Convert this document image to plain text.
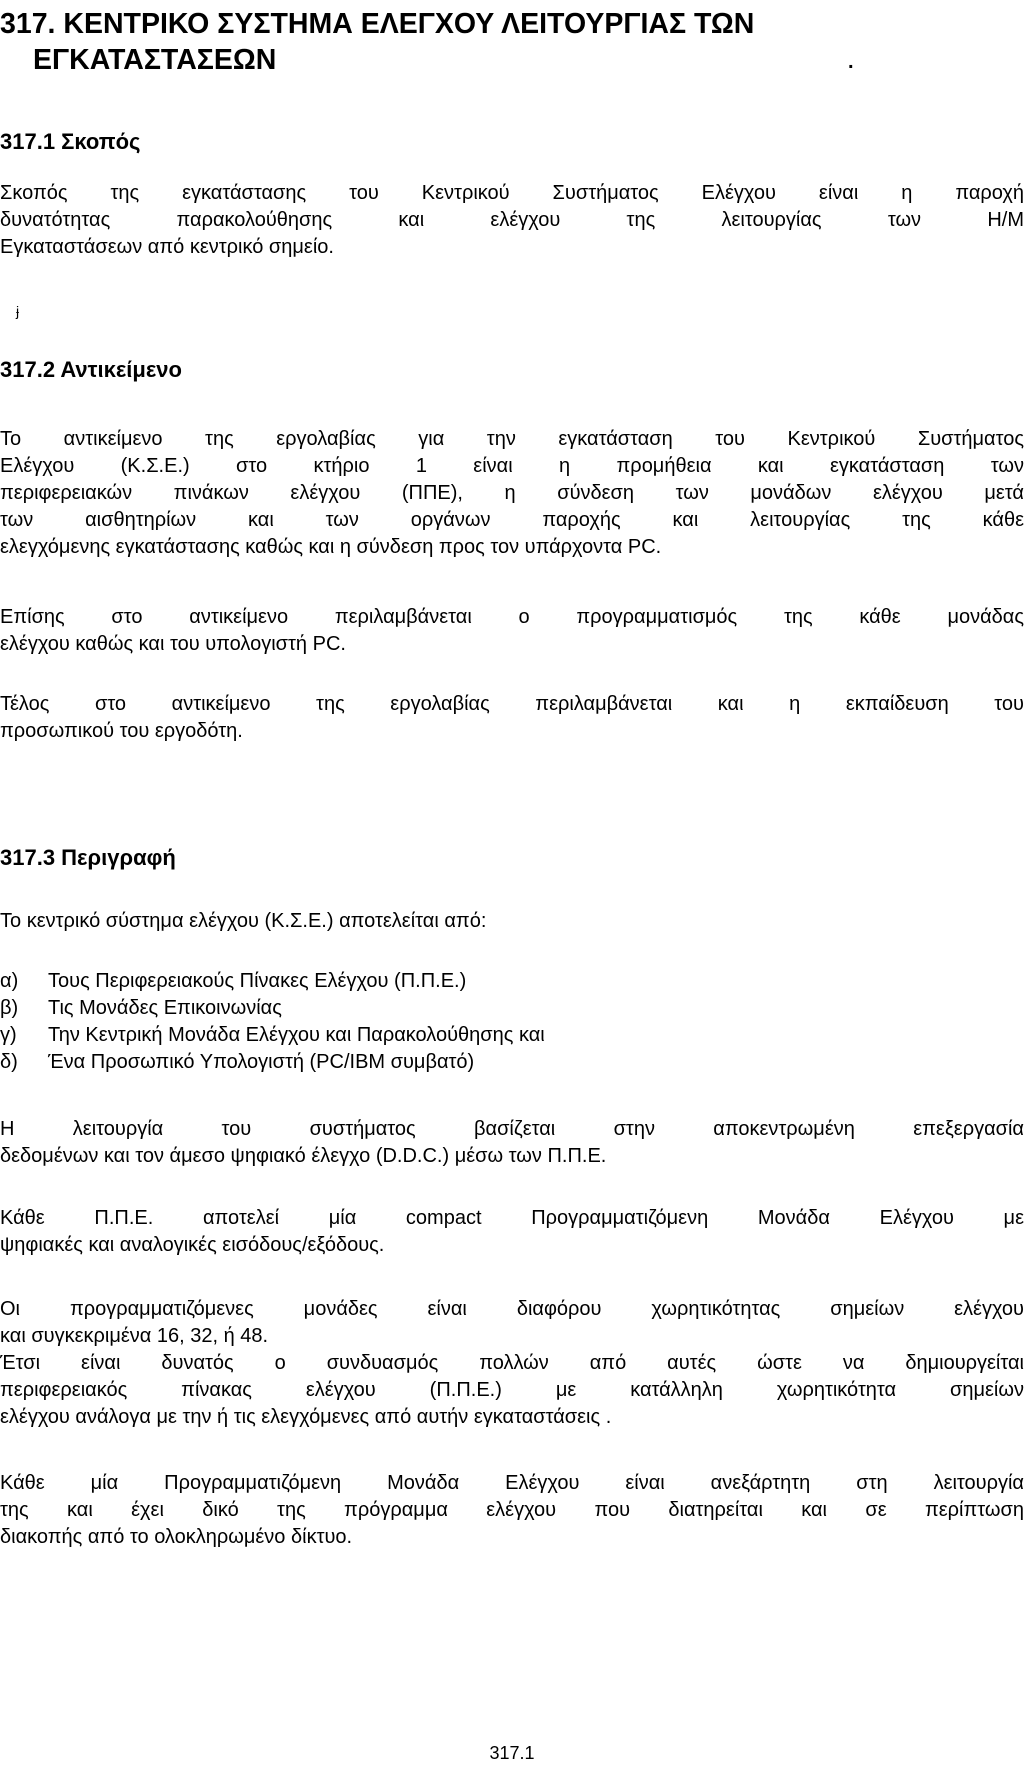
317. ΚΕΝΤΡΙΚΟ ΣΥΣΤΗΜΑ ΕΛΕΓΧΟΥ ΛΕΙΤΟΥΡΓΙΑΣ ΤΩΝ
ΕΓΚΑΤΑΣΤΑΣΕΩΝ	.
317.1 Σκοπός

Σκοπός της εγκατάστασης του Κεντρικού Συστήματος Ελέγχου είναι η παροχή
δυνατότητας παρακολούθησης και ελέγχου της λειτουργίας των Η/Μ
Εγκαταστάσεων από κεντρικό σημείο.

ɉ
317.2 Αντικείμενο

Το αντικείμενο της εργολαβίας για την εγκατάσταση του Κεντρικού Συστήματος
Ελέγχου (Κ.Σ.Ε.) στο κτήριο 1 είναι η προμήθεια και εγκατάσταση των
περιφερειακών πινάκων ελέγχου (ΠΠΕ), η σύνδεση των μονάδων ελέγχου μετά
των αισθητηρίων και των οργάνων παροχής και λειτουργίας της κάθε
ελεγχόμενης εγκατάστασης καθώς και η σύνδεση προς τον υπάρχοντα PC.

Επίσης στο αντικείμενο περιλαμβάνεται ο προγραμματισμός της κάθε μονάδας
ελέγχου καθώς και του υπολογιστή PC.

Τέλος στο αντικείμενο της εργολαβίας περιλαμβάνεται και η εκπαίδευση του
προσωπικού του εργοδότη.

317.3 Περιγραφή

Το κεντρικό σύστημα ελέγχου (Κ.Σ.Ε.) αποτελείται από:

α)	Τους Περιφερειακούς Πίνακες Ελέγχου (Π.Π.Ε.)
β)	Τις Μονάδες Επικοινωνίας
γ)	Την Κεντρική Μονάδα Ελέγχου και Παρακολούθησης και
δ)	Ένα Προσωπικό Υπολογιστή (PC/IBM συμβατό)

Η λειτουργία του συστήματος βασίζεται στην αποκεντρωμένη επεξεργασία
δεδομένων και τον άμεσο ψηφιακό έλεγχο (D.D.C.) μέσω των Π.Π.Ε.

Κάθε Π.Π.Ε. αποτελεί μία compact Προγραμματιζόμενη Μονάδα Ελέγχου με
ψηφιακές και αναλογικές εισόδους/εξόδους.

Οι προγραμματιζόμενες μονάδες είναι διαφόρου χωρητικότητας σημείων ελέγχου
και συγκεκριμένα 16, 32, ή 48.
Έτσι είναι δυνατός ο συνδυασμός πολλών από αυτές ώστε να δημιουργείται
περιφερειακός πίνακας ελέγχου (Π.Π.Ε.) με κατάλληλη χωρητικότητα σημείων
ελέγχου ανάλογα με την ή τις ελεγχόμενες από αυτήν εγκαταστάσεις .

Κάθε μία Προγραμματιζόμενη Μονάδα Ελέγχου είναι ανεξάρτητη στη λειτουργία
της και έχει δικό της πρόγραμμα ελέγχου που διατηρείται και σε περίπτωση
διακοπής από το ολοκληρωμένο δίκτυο.

317.1
